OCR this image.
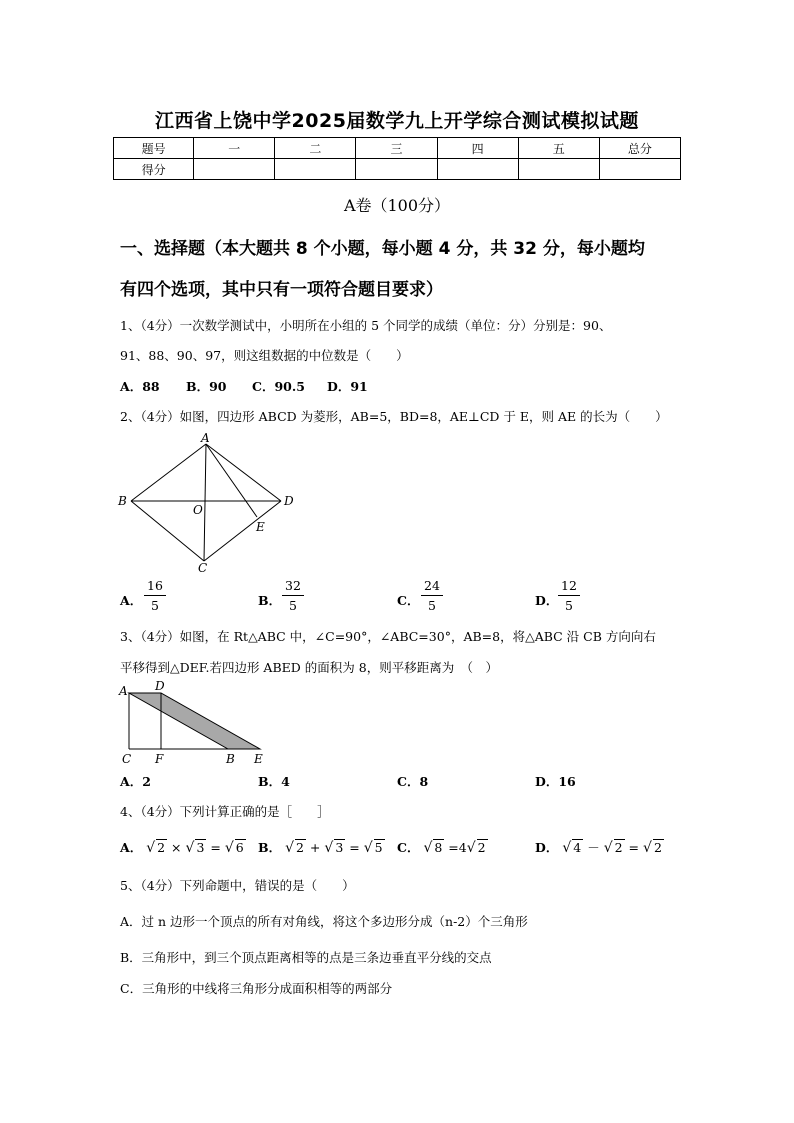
江西省上饶中学2025届数学九上开学综合测试模拟试题
题号	一	二	三	四	五	总分
得分						
A卷（100分）
一、选择题（本大题共 8 个小题，每小题 4 分，共 32 分，每小题均
有四个选项，其中只有一项符合题目要求）
1、（4分）一次数学测试中，小明所在小组的 5 个同学的成绩（单位：分）分别是：90、
91、88、90、97，则这组数据的中位数是（　　）
A．88 B．90 C．90.5 D．91
2、（4分）如图，四边形 ABCD 为菱形，AB=5，BD=8，AE⊥CD 于 E，则 AE 的长为（　　）
A
B	D
O
E
C
A D
C F	B E
A． $\frac{16}{5}$	B． $\frac{32}{5}$	C． $\frac{24}{5}$	D． $\frac{12}{5}$
3、（4分）如图，在 Rt△ABC 中，∠C=90°，∠ABC=30°，AB=8，将△ABC 沿 CB 方向向右
平移得到△DEF.若四边形 ABED 的面积为 8，则平移距离为　（　）
A．2	B．4	C．8	D．16
4、（4分）下列计算正确的是［　　］
A． √ 2 × √ 3 = √ 6 B． √ 2 + √ 3 = √ 5 C． √ 8 =4√ 2	D． √ 4 － √ 2 = √ 2
5、（4分）下列命题中，错误的是（　　）
A．过 n 边形一个顶点的所有对角线，将这个多边形分成（n-2）个三角形
B．三角形中，到三个顶点距离相等的点是三条边垂直平分线的交点
C．三角形的中线将三角形分成面积相等的两部分
